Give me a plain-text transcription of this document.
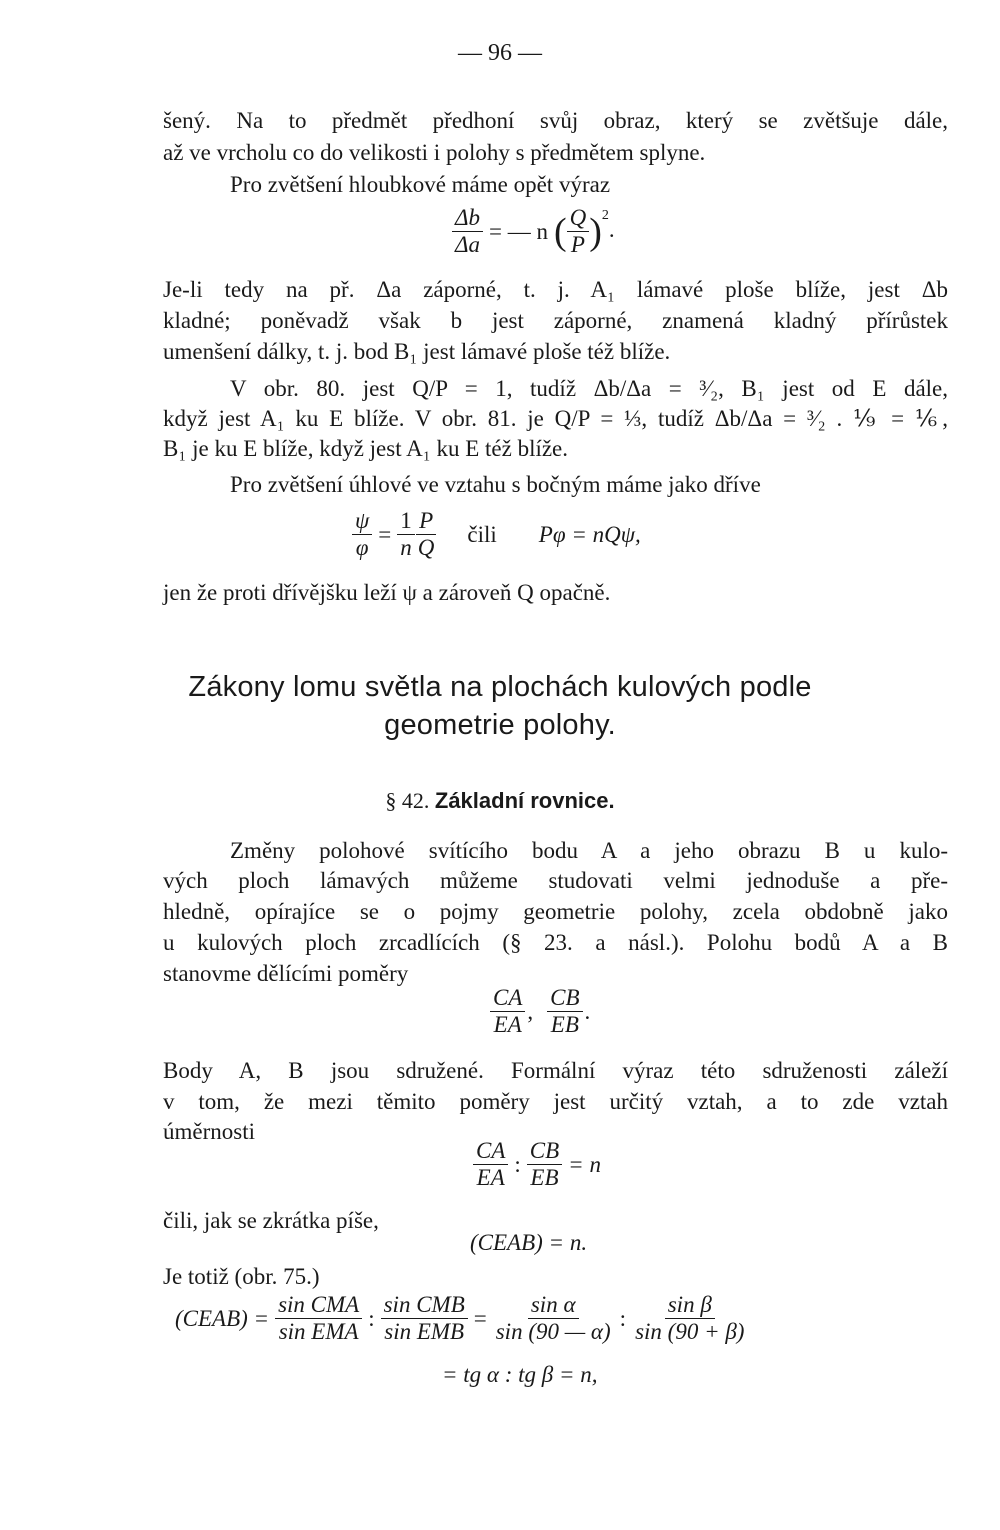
— 96 —
šený. Na to předmět předhoní svůj obraz, který se zvětšuje dále,
až ve vrcholu co do velikosti i polohy s předmětem splyne.
Pro zvětšení hloubkové máme opět výraz
$\frac{\Delta b}{\Delta a}$ = — n ( $\frac{Q}{P} )^2$.
Je-li tedy na př. Δa záporné, t. j. A₁ lámavé ploše blíže, jest Δb
kladné; poněvadž však b jest záporné, znamená kladný přírůstek
umenšení dálky, t. j. bod B₁ jest lámavé ploše též blíže.
V obr. 80. jest Q/P = 1, tudíž Δb/Δa = ³⁄₂, B₁ jest od E dále,
když jest A₁ ku E blíže. V obr. 81. je Q/P = ⅓, tudíž Δb/Δa = ³⁄₂ . ⅑ = ⅙,
B₁ je ku E blíže, když jest A₁ ku E též blíže.
Pro zvětšení úhlové ve vztahu s bočným máme jako dříve
$\frac{\psi}{\varphi} = \frac{1}{n} \frac{P}{Q}$ čili Pφ = nQψ,
jen že proti dřívějšku leží ψ a zároveň Q opačně.
Zákony lomu světla na plochách kulových podle
geometrie polohy.
§ 42. Základní rovnice.
Změny polohové svítícího bodu A a jeho obrazu B u kulo-
vých ploch lámavých můžeme studovati velmi jednoduše a pře-
hledně, opírajíce se o pojmy geometrie polohy, zcela obdobně jako
u kulových ploch zrcadlících (§ 23. a násl.). Polohu bodů A a B
stanovme dělícími poměry
$\frac{CA}{EA}$ , $\frac{CB}{EB}$ .
Body A, B jsou sdružené. Formální výraz této sdruženosti záleží
v tom, že mezi těmito poměry jest určitý vztah, a to zde vztah
úměrnosti
$\frac{CA}{EA}$ : $\frac{CB}{EB} = n$
čili, jak se zkrátka píše,
(CEAB) = n.
Je totiž (obr. 75.)
(CEAB) = $\frac{\text{sin CMA}}{\text{sin EMA}}$ : $\frac{\text{sin CMB}}{\text{sin EMB}} = \frac{\text{sin α}}{\sin (90 — \alpha)}$ : $\frac{\text{sin β}}{\sin (90 + \beta)}$
= tg α : tg β = n,
